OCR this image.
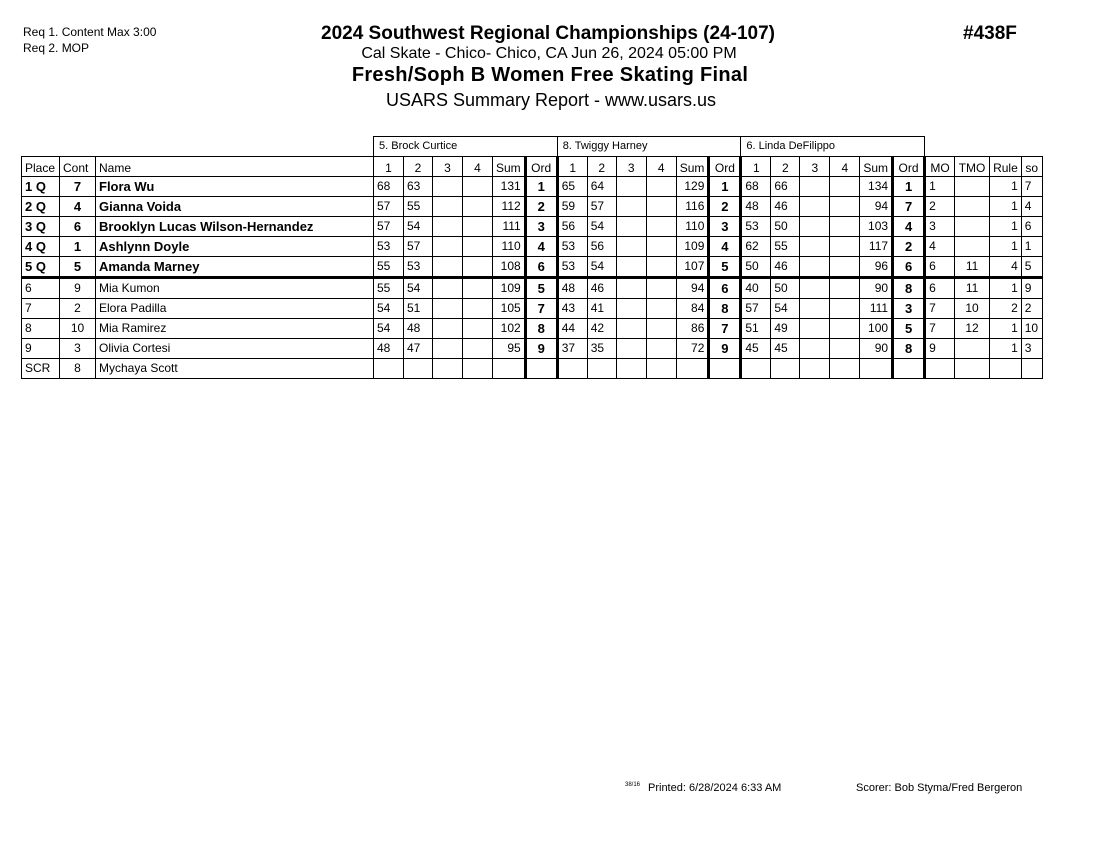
Req 1. Content Max 3:00
Req 2. MOP
2024 Southwest Regional Championships (24-107)
Cal Skate - Chico- Chico, CA Jun 26, 2024 05:00 PM
Fresh/Soph B Women Free Skating Final
USARS Summary Report - www.usars.us
#438F
			5. Brock Curtice						8. Twiggy Harney						6. Linda DeFilippo									
Place	Cont	Name	1	2	3	4	Sum	Ord	1	2	3	4	Sum	Ord	1	2	3	4	Sum	Ord	MO	TMO	Rule	so
1 Q	7	Flora Wu	68	63			131	1	65	64			129	1	68	66			134	1	1		1	7
2 Q	4	Gianna Voida	57	55			112	2	59	57			116	2	48	46			94	7	2		1	4
3 Q	6	Brooklyn Lucas Wilson-Hernandez	57	54			111	3	56	54			110	3	53	50			103	4	3		1	6
4 Q	1	Ashlynn Doyle	53	57			110	4	53	56			109	4	62	55			117	2	4		1	1
5 Q	5	Amanda Marney	55	53			108	6	53	54			107	5	50	46			96	6	6	11	4	5
6	9	Mia Kumon	55	54			109	5	48	46			94	6	40	50			90	8	6	11	1	9
7	2	Elora Padilla	54	51			105	7	43	41			84	8	57	54			111	3	7	10	2	2
8	10	Mia Ramirez	54	48			102	8	44	42			86	7	51	49			100	5	7	12	1	10
9	3	Olivia Cortesi	48	47			95	9	37	35			72	9	45	45			90	8	9		1	3
SCR	8	Mychaya Scott																						
38/16 Printed: 6/28/2024 6:33 AM	Scorer: Bob Styma/Fred Bergeron
